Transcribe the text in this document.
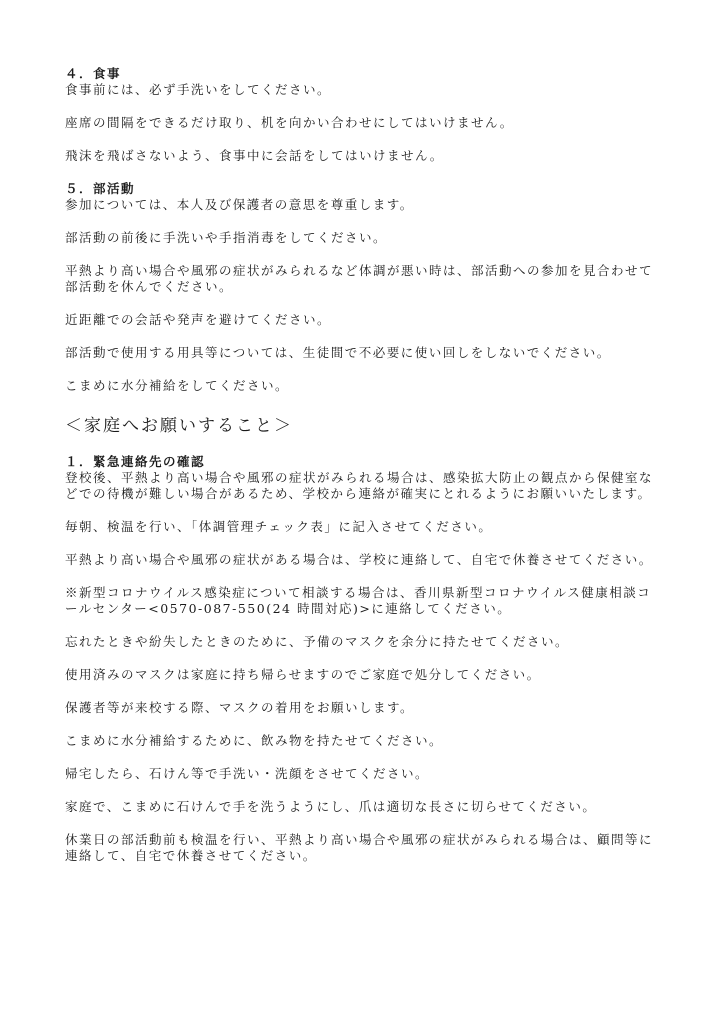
４．食事

食事前には、必ず手洗いをしてください。

座席の間隔をできるだけ取り、机を向かい合わせにしてはいけません。

飛沫を飛ばさないよう、食事中に会話をしてはいけません。

５．部活動

参加については、本人及び保護者の意思を尊重します。

部活動の前後に手洗いや手指消毒をしてください。

平熱より高い場合や風邪の症状がみられるなど体調が悪い時は、部活動への参加を見合わせて
部活動を休んでください。

近距離での会話や発声を避けてください。

部活動で使用する用具等については、生徒間で不必要に使い回しをしないでください。

こまめに水分補給をしてください。

＜家庭へお願いすること＞
１．緊急連絡先の確認

登校後、平熱より高い場合や風邪の症状がみられる場合は、感染拡大防止の観点から保健室な
どでの待機が難しい場合があるため、学校から連絡が確実にとれるようにお願いいたします。

毎朝、検温を行い、「体調管理チェック表」に記入させてください。

平熱より高い場合や風邪の症状がある場合は、学校に連絡して、自宅で休養させてください。

※新型コロナウイルス感染症について相談する場合は、香川県新型コロナウイルス健康相談コ
ールセンター<0570-087-550(24 時間対応)>に連絡してください。

忘れたときや紛失したときのために、予備のマスクを余分に持たせてください。

使用済みのマスクは家庭に持ち帰らせますのでご家庭で処分してください。

保護者等が来校する際、マスクの着用をお願いします。

こまめに水分補給するために、飲み物を持たせてください。

帰宅したら、石けん等で手洗い・洗顔をさせてください。

家庭で、こまめに石けんで手を洗うようにし、爪は適切な長さに切らせてください。

休業日の部活動前も検温を行い、平熱より高い場合や風邪の症状がみられる場合は、顧問等に
連絡して、自宅で休養させてください。
